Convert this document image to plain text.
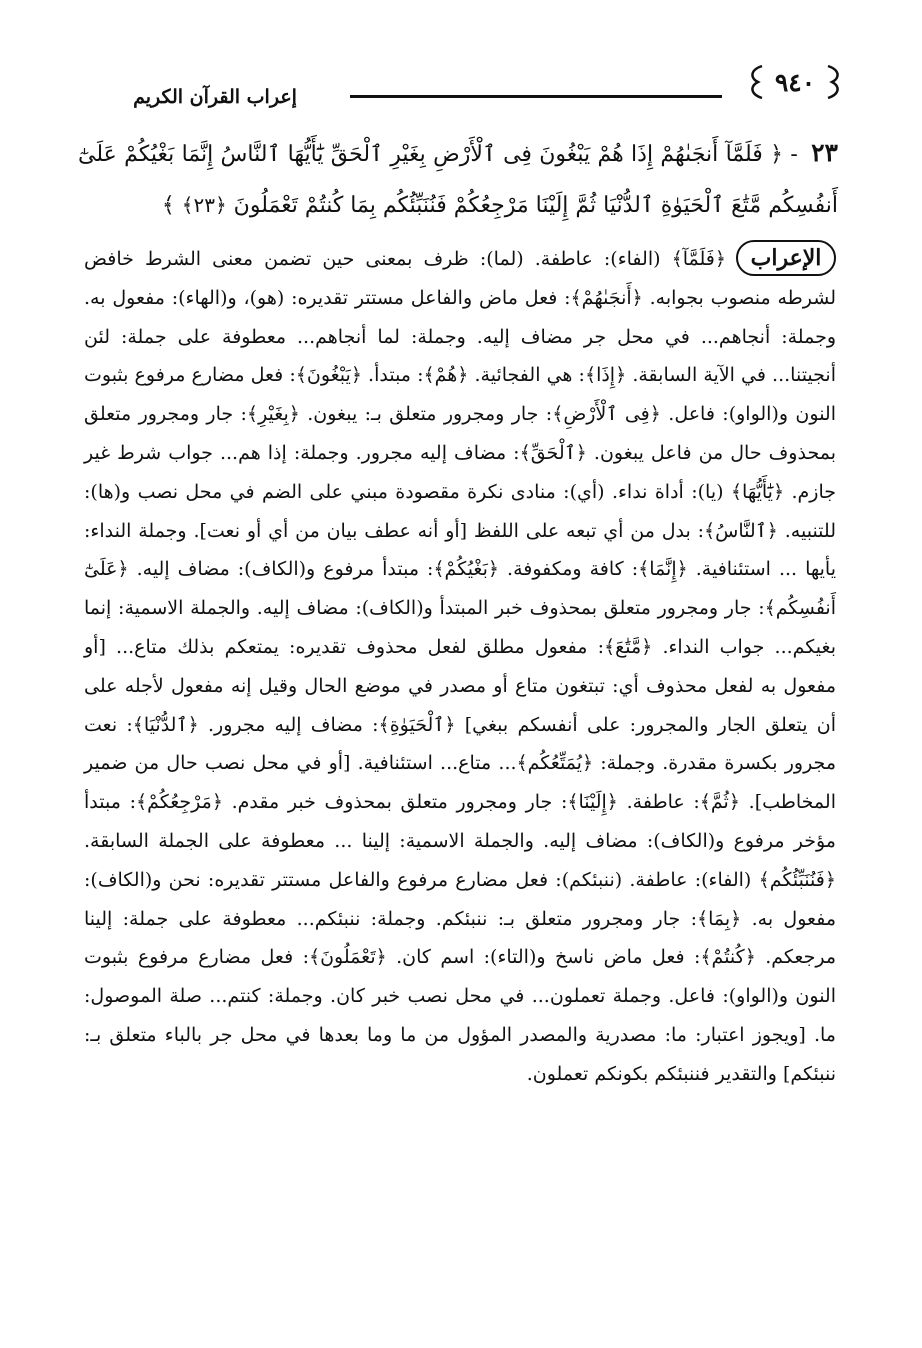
٩٤٠
إعراب القرآن الكريم
٢٣ - ﴿ فَلَمَّآ أَنجَىٰهُمْ إِذَا هُمْ يَبْغُونَ فِى ٱلْأَرْضِ بِغَيْرِ ٱلْحَقِّ يَٰٓأَيُّهَا ٱلنَّاسُ إِنَّمَا بَغْيُكُمْ عَلَىٰٓ أَنفُسِكُم مَّتَٰعَ ٱلْحَيَوٰةِ ٱلدُّنْيَا ثُمَّ إِلَيْنَا مَرْجِعُكُمْ فَنُنَبِّئُكُم بِمَا كُنتُمْ تَعْمَلُونَ ﴿٢٣﴾ ﴾
الإعراب

﴿فَلَمَّآ﴾ (الفاء): عاطفة. (لما): ظرف بمعنى حين تضمن معنى الشرط خافض لشرطه منصوب بجوابه. ﴿أَنجَىٰهُمْ﴾: فعل ماض والفاعل مستتر تقديره: (هو)، و(الهاء): مفعول به. وجملة: أنجاهم... في محل جر مضاف إليه. وجملة: لما أنجاهم... معطوفة على جملة: لئن أنجيتنا... في الآية السابقة. ﴿إِذَا﴾: هي الفجائية. ﴿هُمْ﴾: مبتدأ. ﴿يَبْغُونَ﴾: فعل مضارع مرفوع بثبوت النون و(الواو): فاعل. ﴿فِى ٱلْأَرْضِ﴾: جار ومجرور متعلق بـ: يبغون. ﴿بِغَيْرِ﴾: جار ومجرور متعلق بمحذوف حال من فاعل يبغون. ﴿ٱلْحَقِّ﴾: مضاف إليه مجرور. وجملة: إذا هم... جواب شرط غير جازم. ﴿يَٰٓأَيُّهَا﴾ (يا): أداة نداء. (أي): منادى نكرة مقصودة مبني على الضم في محل نصب و(ها): للتنبيه. ﴿ٱلنَّاسُ﴾: بدل من أي تبعه على اللفظ [أو أنه عطف بيان من أي أو نعت]. وجملة النداء: يأيها ... استئنافية. ﴿إِنَّمَا﴾: كافة ومكفوفة. ﴿بَغْيُكُمْ﴾: مبتدأ مرفوع و(الكاف): مضاف إليه. ﴿عَلَىٰٓ أَنفُسِكُم﴾: جار ومجرور متعلق بمحذوف خبر المبتدأ و(الكاف): مضاف إليه. والجملة الاسمية: إنما بغيكم... جواب النداء. ﴿مَّتَٰعَ﴾: مفعول مطلق لفعل محذوف تقديره: يمتعكم بذلك متاع... [أو مفعول به لفعل محذوف أي: تبتغون متاع أو مصدر في موضع الحال وقيل إنه مفعول لأجله على أن يتعلق الجار والمجرور: على أنفسكم ببغي] ﴿ٱلْحَيَوٰةِ﴾: مضاف إليه مجرور. ﴿ٱلدُّنْيَا﴾: نعت مجرور بكسرة مقدرة. وجملة: ﴿يُمَتِّعُكُم﴾... متاع... استئنافية. [أو في محل نصب حال من ضمير المخاطب]. ﴿ثُمَّ﴾: عاطفة. ﴿إِلَيْنَا﴾: جار ومجرور متعلق بمحذوف خبر مقدم. ﴿مَرْجِعُكُمْ﴾: مبتدأ مؤخر مرفوع و(الكاف): مضاف إليه. والجملة الاسمية: إلينا ... معطوفة على الجملة السابقة. ﴿فَنُنَبِّئُكُم﴾ (الفاء): عاطفة. (ننبئكم): فعل مضارع مرفوع والفاعل مستتر تقديره: نحن و(الكاف): مفعول به. ﴿بِمَا﴾: جار ومجرور متعلق بـ: ننبئكم. وجملة: ننبئكم... معطوفة على جملة: إلينا مرجعكم. ﴿كُنتُمْ﴾: فعل ماض ناسخ و(التاء): اسم كان. ﴿تَعْمَلُونَ﴾: فعل مضارع مرفوع بثبوت النون و(الواو): فاعل. وجملة تعملون... في محل نصب خبر كان. وجملة: كنتم... صلة الموصول: ما. [ويجوز اعتبار: ما: مصدرية والمصدر المؤول من ما وما بعدها في محل جر بالباء متعلق بـ: ننبئكم] والتقدير فننبئكم بكونكم تعملون.
